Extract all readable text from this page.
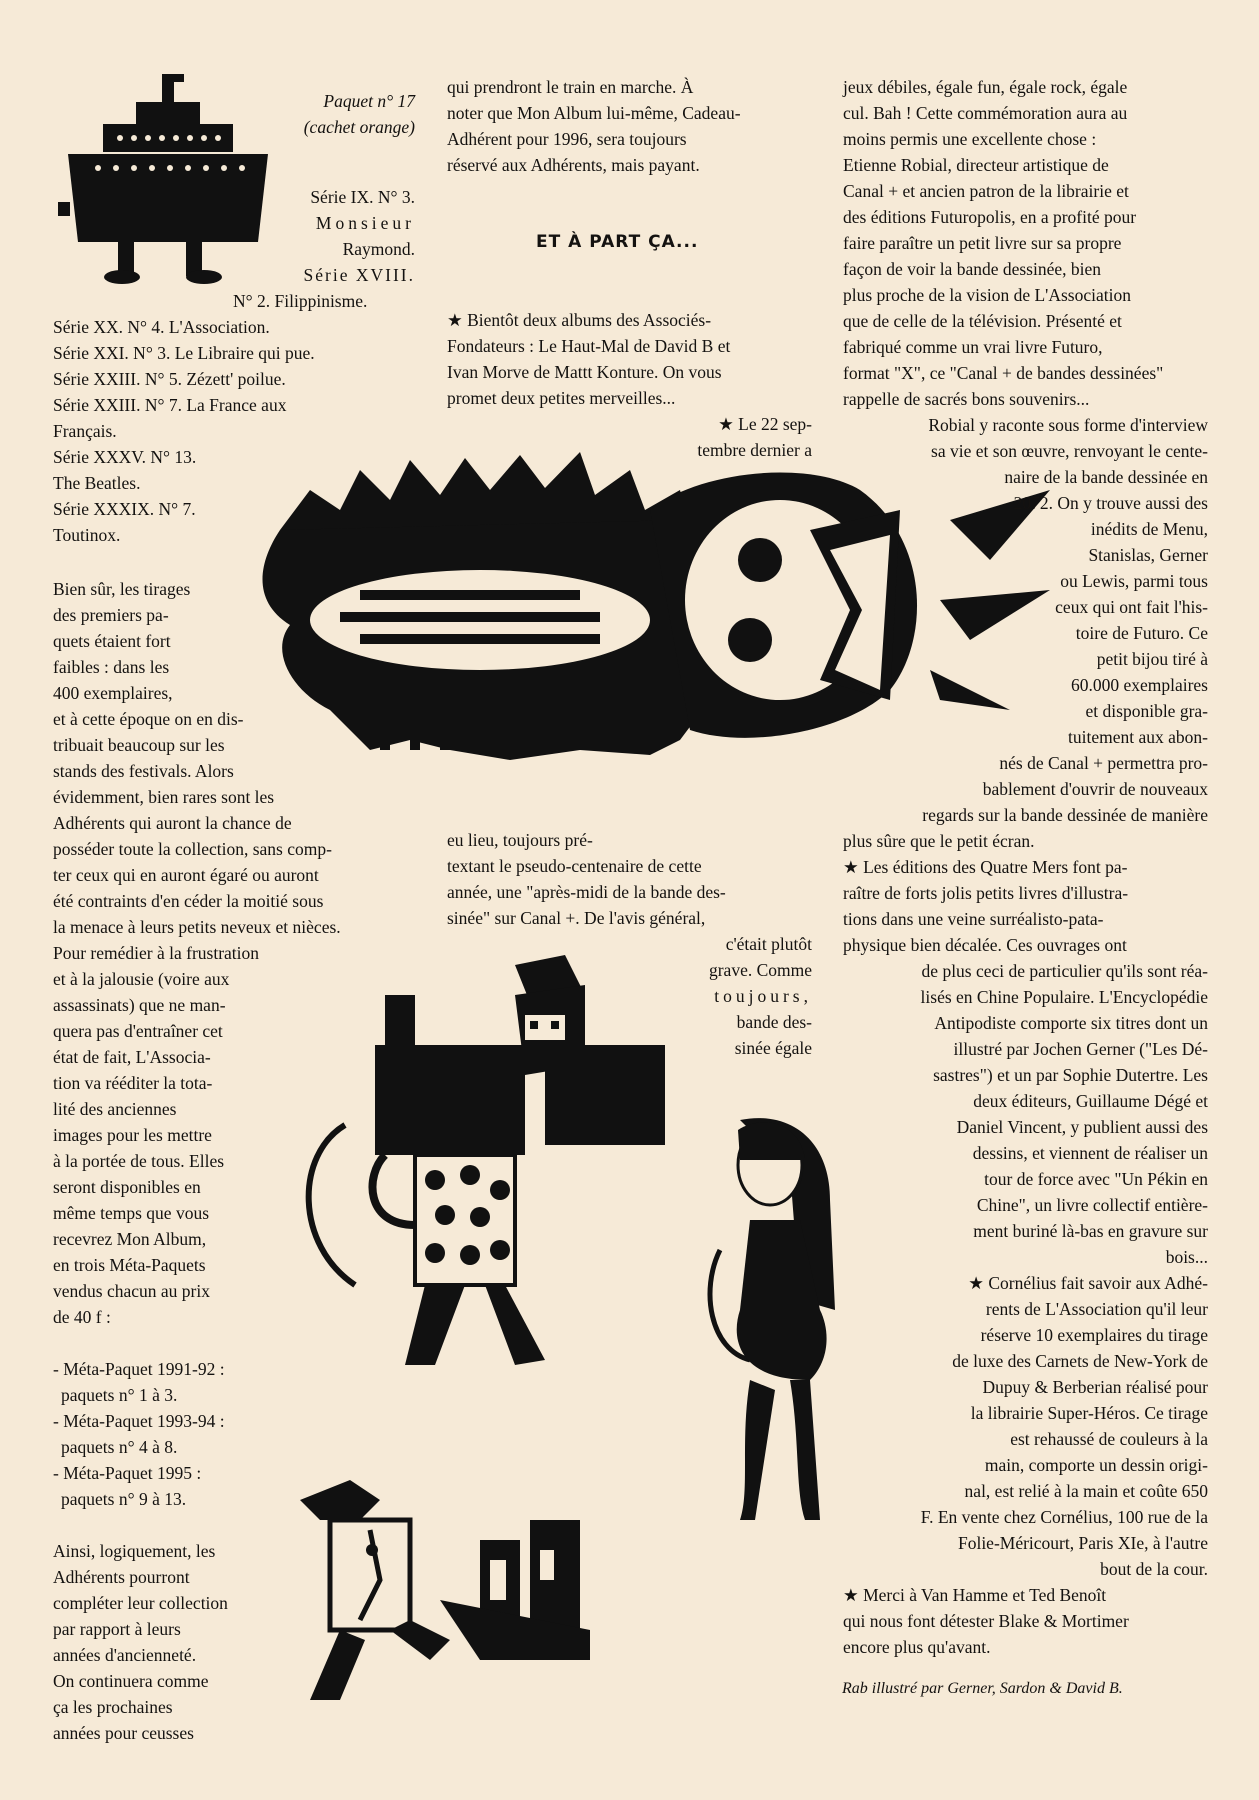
Paquet n° 17

(cachet orange)

Série IX. N° 3.

Monsieur

Raymond.

Série XVIII.

N° 2. Filippinisme.

Série XX. N° 4. L'Association.

Série XXI. N° 3. Le Libraire qui pue.

Série XXIII. N° 5. Zézett' poilue.

Série XXIII. N° 7. La France aux

Français.

Série XXXV. N° 13.

The Beatles.

Série XXXIX. N° 7.

Toutinox.

Bien sûr, les tirages

des premiers pa-

quets étaient fort

faibles : dans les

400 exemplaires,

et à cette époque on en dis-

tribuait beaucoup sur les

stands des festivals. Alors

évidemment, bien rares sont les

Adhérents qui auront la chance de

posséder toute la collection, sans comp-

ter ceux qui en auront égaré ou auront

été contraints d'en céder la moitié sous

la menace à leurs petits neveux et nièces.

Pour remédier à la frustration

et à la jalousie (voire aux

assassinats) que ne man-

quera pas d'entraîner cet

état de fait, L'Associa-

tion va rééditer la tota-

lité des anciennes

images pour les mettre

à la portée de tous. Elles

seront disponibles en

même temps que vous

recevrez Mon Album,

en trois Méta-Paquets

vendus chacun au prix

de 40 f :

- Méta-Paquet 1991-92 :

paquets n° 1 à 3.

- Méta-Paquet 1993-94 :

paquets n° 4 à 8.

- Méta-Paquet 1995 :

paquets n° 9 à 13.

Ainsi, logiquement, les

Adhérents pourront

compléter leur collection

par rapport à leurs

années d'ancienneté.

On continuera comme

ça les prochaines

années pour ceusses

qui prendront le train en marche. À

noter que Mon Album lui-même, Cadeau-

Adhérent pour 1996, sera toujours

réservé aux Adhérents, mais payant.

ET À PART ÇA...

★ Bientôt deux albums des Associés-

Fondateurs : Le Haut-Mal de David B et

Ivan Morve de Mattt Konture. On vous

promet deux petites merveilles...

★ Le 22 sep-

tembre dernier a

eu lieu, toujours pré-

textant le pseudo-centenaire de cette

année, une "après-midi de la bande des-

sinée" sur Canal +. De l'avis général,

c'était plutôt

grave. Comme

toujours,

bande des-

sinée égale

jeux débiles, égale fun, égale rock, égale

cul. Bah ! Cette commémoration aura au

moins permis une excellente chose :

Etienne Robial, directeur artistique de

Canal + et ancien patron de la librairie et

des éditions Futuropolis, en a profité pour

faire paraître un petit livre sur sa propre

façon de voir la bande dessinée, bien

plus proche de la vision de L'Association

que de celle de la télévision. Présenté et

fabriqué comme un vrai livre Futuro,

format "X", ce "Canal + de bandes dessinées"

rappelle de sacrés bons souvenirs...

Robial y raconte sous forme d'interview

sa vie et son œuvre, renvoyant le cente-

naire de la bande dessinée en

2072. On y trouve aussi des

inédits de Menu,

Stanislas, Gerner

ou Lewis, parmi tous

ceux qui ont fait l'his-

toire de Futuro. Ce

petit bijou tiré à

60.000 exemplaires

et disponible gra-

tuitement aux abon-

nés de Canal + permettra pro-

bablement d'ouvrir de nouveaux

regards sur la bande dessinée de manière

plus sûre que le petit écran.

★ Les éditions des Quatre Mers font pa-

raître de forts jolis petits livres d'illustra-

tions dans une veine surréalisto-pata-

physique bien décalée. Ces ouvrages ont

de plus ceci de particulier qu'ils sont réa-

lisés en Chine Populaire. L'Encyclopédie

Antipodiste comporte six titres dont un

illustré par Jochen Gerner ("Les Dé-

sastres") et un par Sophie Dutertre. Les

deux éditeurs, Guillaume Dégé et

Daniel Vincent, y publient aussi des

dessins, et viennent de réaliser un

tour de force avec "Un Pékin en

Chine", un livre collectif entière-

ment buriné là-bas en gravure sur

bois...

★ Cornélius fait savoir aux Adhé-

rents de L'Association qu'il leur

réserve 10 exemplaires du tirage

de luxe des Carnets de New-York de

Dupuy & Berberian réalisé pour

la librairie Super-Héros. Ce tirage

est rehaussé de couleurs à la

main, comporte un dessin origi-

nal, est relié à la main et coûte 650

F. En vente chez Cornélius, 100 rue de la

Folie-Méricourt, Paris XIe, à l'autre

bout de la cour.

★ Merci à Van Hamme et Ted Benoît

qui nous font détester Blake & Mortimer

encore plus qu'avant.

Rab illustré par Gerner, Sardon & David B.
